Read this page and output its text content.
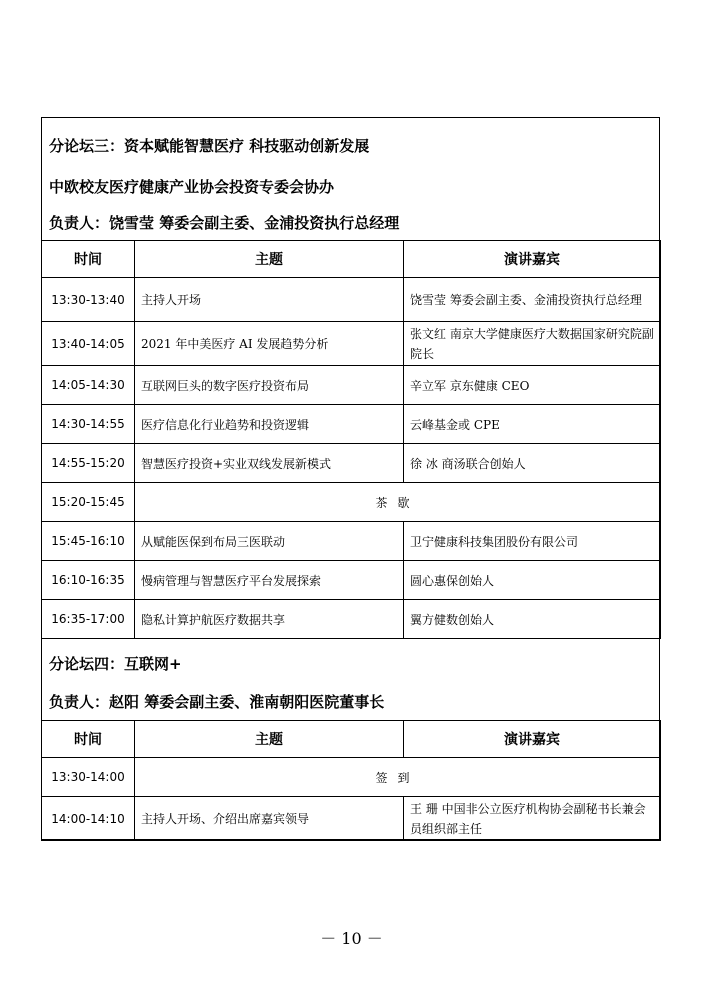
分论坛三：资本赋能智慧医疗 科技驱动创新发展
中欧校友医疗健康产业协会投资专委会协办
负责人：饶雪莹 筹委会副主委、金浦投资执行总经理
时间	主题	演讲嘉宾
13:30-13:40	主持人开场	饶雪莹 筹委会副主委、金浦投资执行总经理
13:40-14:05	2021 年中美医疗 AI 发展趋势分析	张文红 南京大学健康医疗大数据国家研究院副院长
14:05-14:30	互联网巨头的数字医疗投资布局	辛立军 京东健康 CEO
14:30-14:55	医疗信息化行业趋势和投资逻辑	云峰基金或 CPE
14:55-15:20	智慧医疗投资+实业双线发展新模式	徐 冰 商汤联合创始人
15:20-15:45	茶歇	
15:45-16:10	从赋能医保到布局三医联动	卫宁健康科技集团股份有限公司
16:10-16:35	慢病管理与智慧医疗平台发展探索	圆心惠保创始人
16:35-17:00	隐私计算护航医疗数据共享	翼方健数创始人
分论坛四：互联网+
负责人：赵阳 筹委会副主委、淮南朝阳医院董事长
时间	主题	演讲嘉宾
13:30-14:00	签到	
14:00-14:10	主持人开场、介绍出席嘉宾领导	王 珊 中国非公立医疗机构协会副秘书长兼会员组织部主任
－ 10 －
